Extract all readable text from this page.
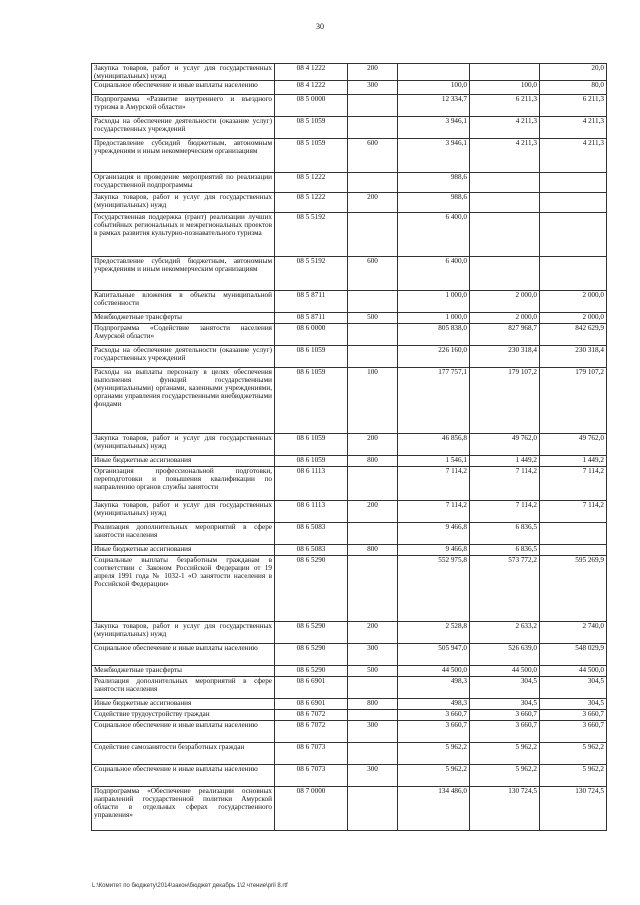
30
Закупка товаров, работ и услуг для государственных (муниципальных) нужд	08 4 1222	200			20,0
Социальное обеспечение и иные выплаты населению	08 4 1222	300	100,0	100,0	80,0
Подпрограмма «Развитие внутреннего и въездного туризма в Амурской области»	08 5 0000		12 334,7	6 211,3	6 211,3
Расходы на обеспечение деятельности (оказание услуг) государственных учреждений	08 5 1059		3 946,1	4 211,3	4 211,3
Предоставление субсидий бюджетным, автономным учреждениям и иным некоммерческим организациям	08 5 1059	600	3 946,1	4 211,3	4 211,3
Организация и проведение мероприятий по реализации государственной подпрограммы	08 5 1222		988,6		
Закупка товаров, работ и услуг для государственных (муниципальных) нужд	08 5 1222	200	988,6		
Государственная поддержка (грант) реализации лучших событийных региональных и межрегиональных проектов в рамках развития культурно-познавательного туризма	08 5 5192		6 400,0		
Предоставление субсидий бюджетным, автономным учреждениям и иным некоммерческим организациям	08 5 5192	600	6 400,0		
Капитальные вложения в объекты муниципальной собственности	08 5 8711		1 000,0	2 000,0	2 000,0
Межбюджетные трансферты	08 5 8711	500	1 000,0	2 000,0	2 000,0
Подпрограмма «Содействие занятости населения Амурской области»	08 6 0000		805 838,0	827 968,7	842 629,9
Расходы на обеспечение деятельности (оказание услуг) государственных учреждений	08 6 1059		226 160,0	230 318,4	230 318,4
Расходы на выплаты персоналу в целях обеспечения выполнения функций государственными (муниципальными) органами, казенными учреждениями, органами управления государственными внебюджетными фондами	08 6 1059	100	177 757,1	179 107,2	179 107,2
Закупка товаров, работ и услуг для государственных (муниципальных) нужд	08 6 1059	200	46 856,8	49 762,0	49 762,0
Иные бюджетные ассигнования	08 6 1059	800	1 546,1	1 449,2	1 449,2
Организация профессиональной подготовки, переподготовки и повышения квалификации по направлению органов службы занятости	08 6 1113		7 114,2	7 114,2	7 114,2
Закупка товаров, работ и услуг для государственных (муниципальных) нужд	08 6 1113	200	7 114,2	7 114,2	7 114,2
Реализация дополнительных мероприятий в сфере занятости населения	08 6 5083		9 466,8	6 836,5	
Иные бюджетные ассигнования	08 6 5083	800	9 466,8	6 836,5	
Социальные выплаты безработным гражданам в соответствии с Законом Российской Федерации от 19 апреля 1991 года № 1032-1 «О занятости населения в Российской Федерации»	08 6 5290		552 975,8	573 772,2	595 269,9
Закупка товаров, работ и услуг для государственных (муниципальных) нужд	08 6 5290	200	2 528,8	2 633,2	2 740,0
Социальное обеспечение и иные выплаты населению	08 6 5290	300	505 947,0	526 639,0	548 029,9
Межбюджетные трансферты	08 6 5290	500	44 500,0	44 500,0	44 500,0
Реализация дополнительных мероприятий в сфере занятости населения	08 6 6901		498,3	304,5	304,5
Иные бюджетные ассигнования	08 6 6901	800	498,3	304,5	304,5
Содействие трудоустройству граждан	08 6 7072		3 660,7	3 660,7	3 660,7
Социальное обеспечение и иные выплаты населению	08 6 7072	300	3 660,7	3 660,7	3 660,7
Содействие самозанятости безработных граждан	08 6 7073		5 962,2	5 962,2	5 962,2
Социальное обеспечение и иные выплаты населению	08 6 7073	300	5 962,2	5 962,2	5 962,2
Подпрограмма «Обеспечение реализации основных направлений государственной политики Амурской области в отдельных сферах государственного управления»	08 7 0000		134 486,0	130 724,5	130 724,5
L:\Комитет по бюджету\2014\закон\бюджет декабрь 1\2 чтение\pril 8.rtf
